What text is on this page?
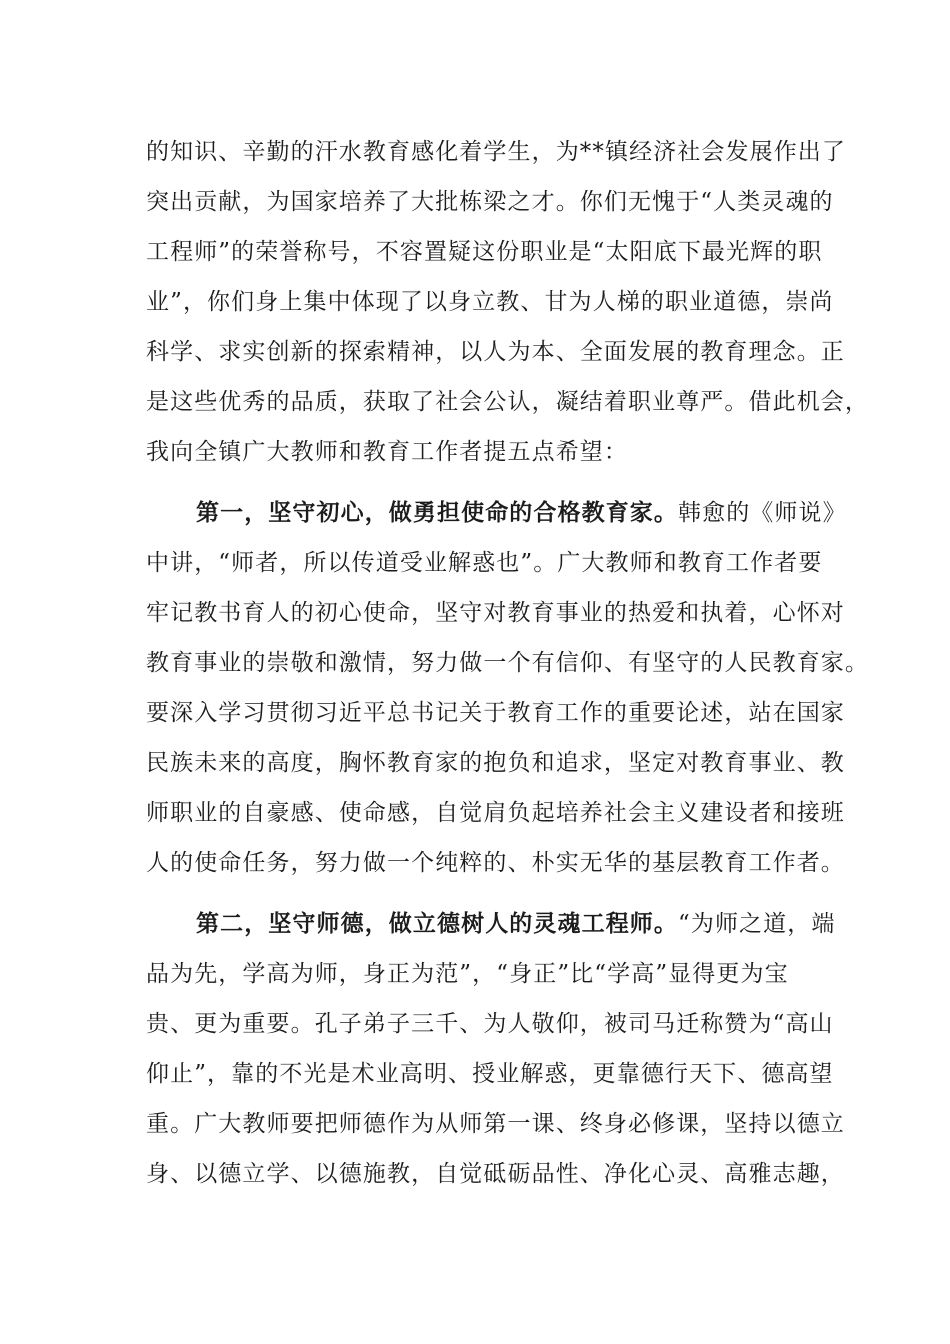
的知识、辛勤的汗水教育感化着学生，为**镇经济社会发展作出了
突出贡献，为国家培养了大批栋梁之才。你们无愧于“人类灵魂的
工程师”的荣誉称号，不容置疑这份职业是“太阳底下最光辉的职
业”，你们身上集中体现了以身立教、甘为人梯的职业道德，崇尚
科学、求实创新的探索精神，以人为本、全面发展的教育理念。正
是这些优秀的品质，获取了社会公认，凝结着职业尊严。借此机会，
我向全镇广大教师和教育工作者提五点希望：
第一，坚守初心，做勇担使命的合格教育家。韩愈的《师说》
中讲，“师者，所以传道受业解惑也”。广大教师和教育工作者要
牢记教书育人的初心使命，坚守对教育事业的热爱和执着，心怀对
教育事业的崇敬和激情，努力做一个有信仰、有坚守的人民教育家。
要深入学习贯彻习近平总书记关于教育工作的重要论述，站在国家
民族未来的高度，胸怀教育家的抱负和追求，坚定对教育事业、教
师职业的自豪感、使命感，自觉肩负起培养社会主义建设者和接班
人的使命任务，努力做一个纯粹的、朴实无华的基层教育工作者。
第二，坚守师德，做立德树人的灵魂工程师。“为师之道，端
品为先，学高为师，身正为范”，“身正”比“学高”显得更为宝
贵、更为重要。孔子弟子三千、为人敬仰，被司马迁称赞为“高山
仰止”，靠的不光是术业高明、授业解惑，更靠德行天下、德高望
重。广大教师要把师德作为从师第一课、终身必修课，坚持以德立
身、以德立学、以德施教，自觉砥砺品性、净化心灵、高雅志趣，
